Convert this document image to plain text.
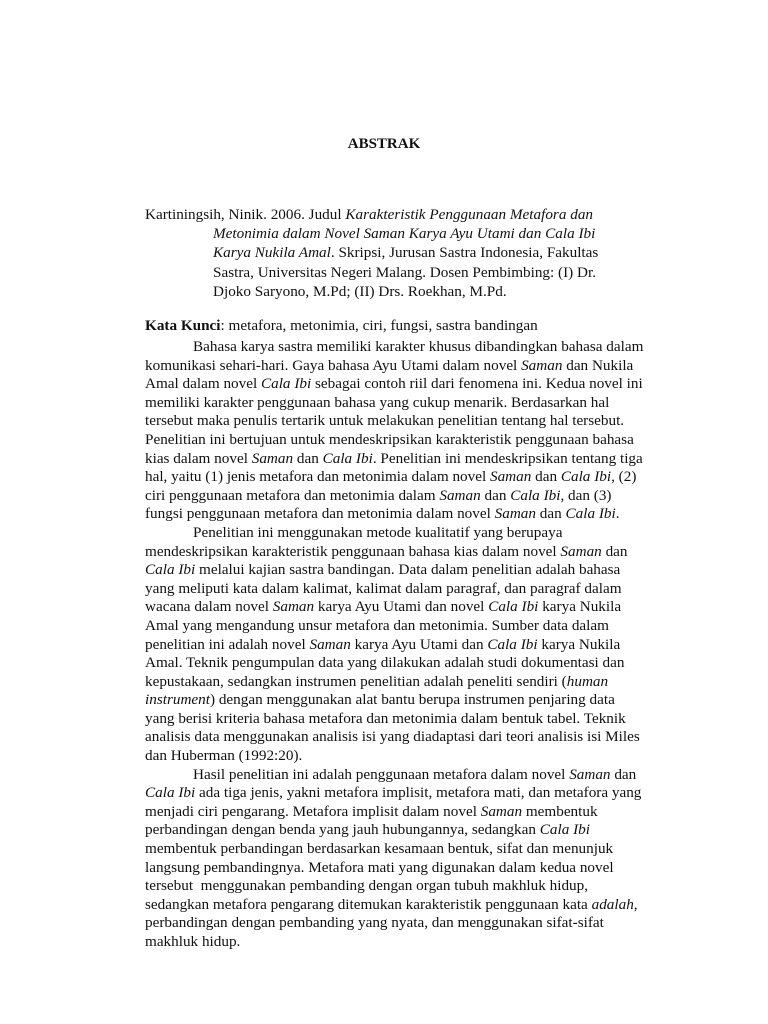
ABSTRAK
Kartiningsih, Ninik. 2006. Judul Karakteristik Penggunaan Metafora dan
Metonimia dalam Novel Saman Karya Ayu Utami dan Cala Ibi
Karya Nukila Amal. Skripsi, Jurusan Sastra Indonesia, Fakultas
Sastra, Universitas Negeri Malang. Dosen Pembimbing: (I) Dr.
Djoko Saryono, M.Pd; (II) Drs. Roekhan, M.Pd.
Kata Kunci: metafora, metonimia, ciri, fungsi, sastra bandingan
Bahasa karya sastra memiliki karakter khusus dibandingkan bahasa dalam
komunikasi sehari-hari. Gaya bahasa Ayu Utami dalam novel Saman dan Nukila
Amal dalam novel Cala Ibi sebagai contoh riil dari fenomena ini. Kedua novel ini
memiliki karakter penggunaan bahasa yang cukup menarik. Berdasarkan hal
tersebut maka penulis tertarik untuk melakukan penelitian tentang hal tersebut.
Penelitian ini bertujuan untuk mendeskripsikan karakteristik penggunaan bahasa
kias dalam novel Saman dan Cala Ibi. Penelitian ini mendeskripsikan tentang tiga
hal, yaitu (1) jenis metafora dan metonimia dalam novel Saman dan Cala Ibi, (2)
ciri penggunaan metafora dan metonimia dalam Saman dan Cala Ibi, dan (3)
fungsi penggunaan metafora dan metonimia dalam novel Saman dan Cala Ibi.
Penelitian ini menggunakan metode kualitatif yang berupaya
mendeskripsikan karakteristik penggunaan bahasa kias dalam novel Saman dan
Cala Ibi melalui kajian sastra bandingan. Data dalam penelitian adalah bahasa
yang meliputi kata dalam kalimat, kalimat dalam paragraf, dan paragraf dalam
wacana dalam novel Saman karya Ayu Utami dan novel Cala Ibi karya Nukila
Amal yang mengandung unsur metafora dan metonimia. Sumber data dalam
penelitian ini adalah novel Saman karya Ayu Utami dan Cala Ibi karya Nukila
Amal. Teknik pengumpulan data yang dilakukan adalah studi dokumentasi dan
kepustakaan, sedangkan instrumen penelitian adalah peneliti sendiri (human
instrument) dengan menggunakan alat bantu berupa instrumen penjaring data
yang berisi kriteria bahasa metafora dan metonimia dalam bentuk tabel. Teknik
analisis data menggunakan analisis isi yang diadaptasi dari teori analisis isi Miles
dan Huberman (1992:20).
Hasil penelitian ini adalah penggunaan metafora dalam novel Saman dan
Cala Ibi ada tiga jenis, yakni metafora implisit, metafora mati, dan metafora yang
menjadi ciri pengarang. Metafora implisit dalam novel Saman membentuk
perbandingan dengan benda yang jauh hubungannya, sedangkan Cala Ibi
membentuk perbandingan berdasarkan kesamaan bentuk, sifat dan menunjuk
langsung pembandingnya. Metafora mati yang digunakan dalam kedua novel
tersebut  menggunakan pembanding dengan organ tubuh makhluk hidup,
sedangkan metafora pengarang ditemukan karakteristik penggunaan kata adalah,
perbandingan dengan pembanding yang nyata, dan menggunakan sifat-sifat
makhluk hidup.
